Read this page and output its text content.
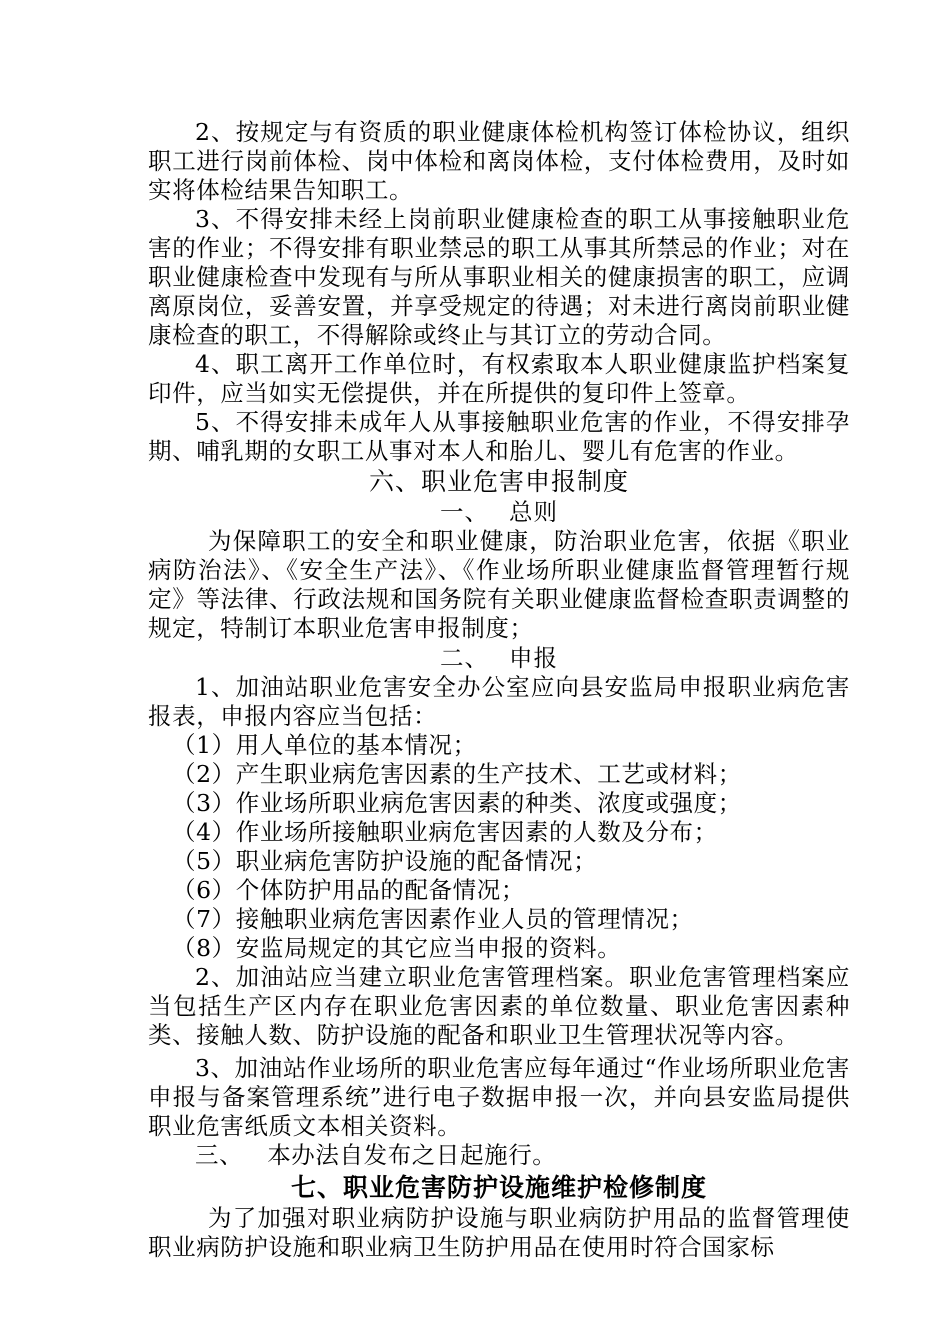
2、按规定与有资质的职业健康体检机构签订体检协议，组织职工进行岗前体检、岗中体检和离岗体检，支付体检费用，及时如实将体检结果告知职工。

3、不得安排未经上岗前职业健康检查的职工从事接触职业危害的作业；不得安排有职业禁忌的职工从事其所禁忌的作业；对在职业健康检查中发现有与所从事职业相关的健康损害的职工，应调离原岗位，妥善安置，并享受规定的待遇；对未进行离岗前职业健康检查的职工，不得解除或终止与其订立的劳动合同。

4、职工离开工作单位时，有权索取本人职业健康监护档案复印件，应当如实无偿提供，并在所提供的复印件上签章。

5、不得安排未成年人从事接触职业危害的作业，不得安排孕期、哺乳期的女职工从事对本人和胎儿、婴儿有危害的作业。

六、职业危害申报制度

一、 总则

为保障职工的安全和职业健康，防治职业危害，依据《职业病防治法》、《安全生产法》、《作业场所职业健康监督管理暂行规定》等法律、行政法规和国务院有关职业健康监督检查职责调整的规定，特制订本职业危害申报制度；

二、 申报

1、加油站职业危害安全办公室应向县安监局申报职业病危害报表，申报内容应当包括：

（1）用人单位的基本情况；

（2）产生职业病危害因素的生产技术、工艺或材料；

（3）作业场所职业病危害因素的种类、浓度或强度；

（4）作业场所接触职业病危害因素的人数及分布；

（5）职业病危害防护设施的配备情况；

（6）个体防护用品的配备情况；

（7）接触职业病危害因素作业人员的管理情况；

（8）安监局规定的其它应当申报的资料。

2、加油站应当建立职业危害管理档案。职业危害管理档案应当包括生产区内存在职业危害因素的单位数量、职业危害因素种类、接触人数、防护设施的配备和职业卫生管理状况等内容。

3、加油站作业场所的职业危害应每年通过“作业场所职业危害申报与备案管理系统”进行电子数据申报一次，并向县安监局提供职业危害纸质文本相关资料。

三、 本办法自发布之日起施行。

七、职业危害防护设施维护检修制度

为了加强对职业病防护设施与职业病防护用品的监督管理使职业病防护设施和职业病卫生防护用品在使用时符合国家标
